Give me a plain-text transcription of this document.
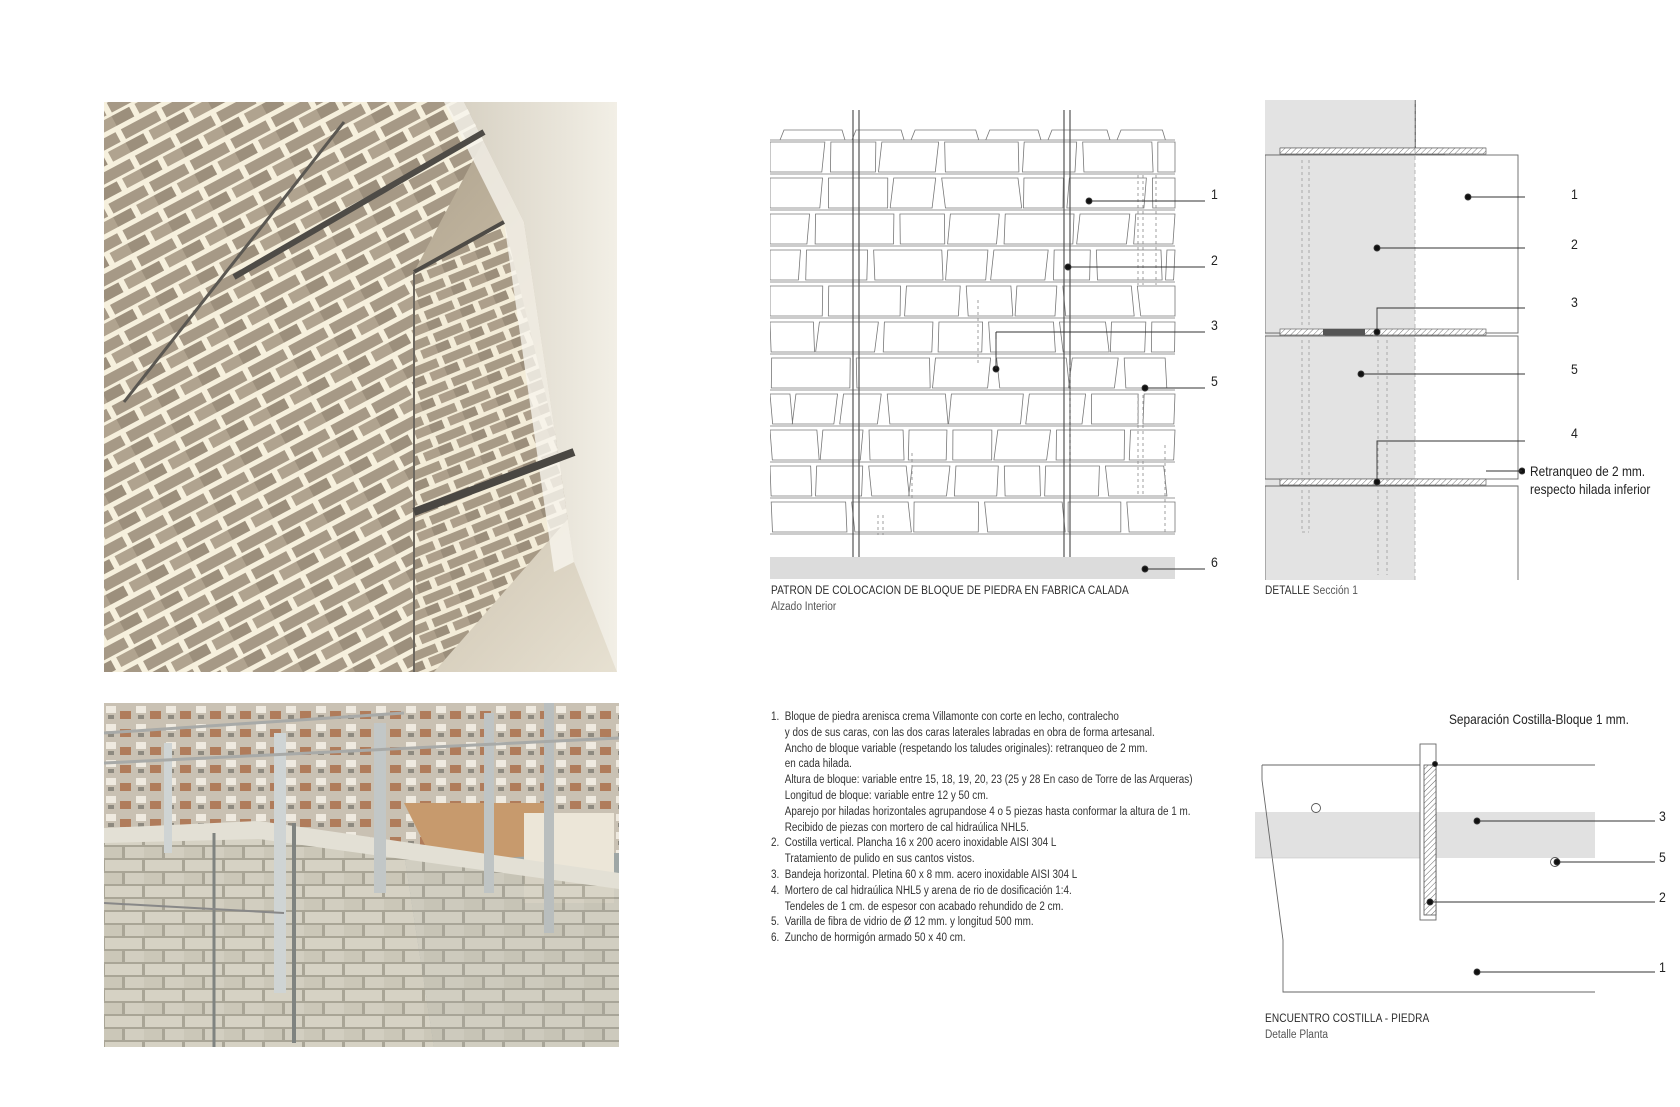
1
2
3
5
6
PATRON DE COLOCACION DE BLOQUE DE PIEDRA EN FABRICA CALADA
Alzado Interior
1
2
3
5
4
Retranqueo de 2 mm.
respecto hilada inferior
DETALLE Sección 1
1. Bloque de piedra arenisca crema Villamonte con corte en lecho, contralecho
y dos de sus caras, con las dos caras laterales labradas en obra de forma artesanal.
Ancho de bloque variable (respetando los taludes originales): retranqueo de 2 mm.
en cada hilada.
Altura de bloque: variable entre 15, 18, 19, 20, 23 (25 y 28 En caso de Torre de las Arqueras)
Longitud de bloque: variable entre 12 y 50 cm.
Aparejo por hiladas horizontales agrupandose 4 o 5 piezas hasta conformar la altura de 1 m.
Recibido de piezas con mortero de cal hidraúlica NHL5.
2. Costilla vertical. Plancha 16 x 200 acero inoxidable AISI 304 L
Tratamiento de pulido en sus cantos vistos.
3. Bandeja horizontal. Pletina 60 x 8 mm. acero inoxidable AISI 304 L
4. Mortero de cal hidraúlica NHL5 y arena de rio de dosificación 1:4.
Tendeles de 1 cm. de espesor con acabado rehundido de 2 cm.
5. Varilla de fibra de vidrio de Ø 12 mm. y longitud 500 mm.
6. Zuncho de hormigón armado 50 x 40 cm.
Separación Costilla-Bloque 1 mm.
3
5
2
1
ENCUENTRO COSTILLA - PIEDRA
Detalle Planta
